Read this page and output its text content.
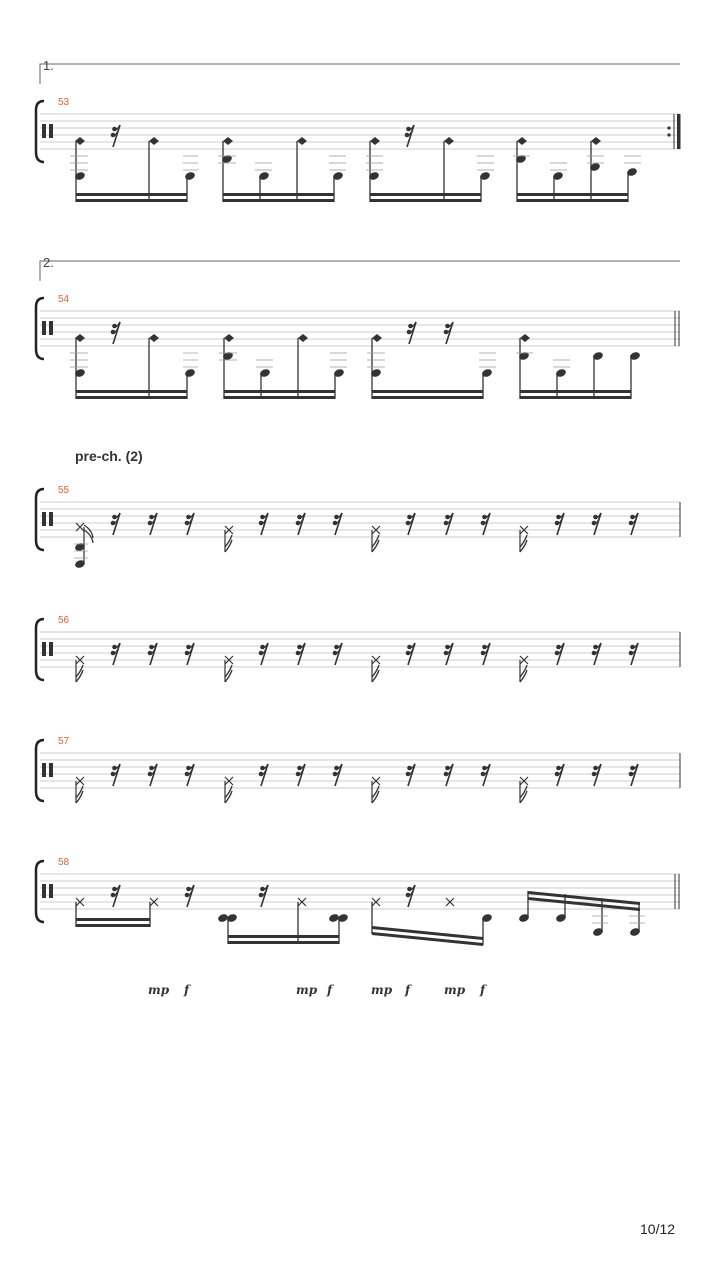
1.
53
2.
54
55
56
57
58
mp f	mp f	mp f	mp f
pre-ch. (2)
10/12
